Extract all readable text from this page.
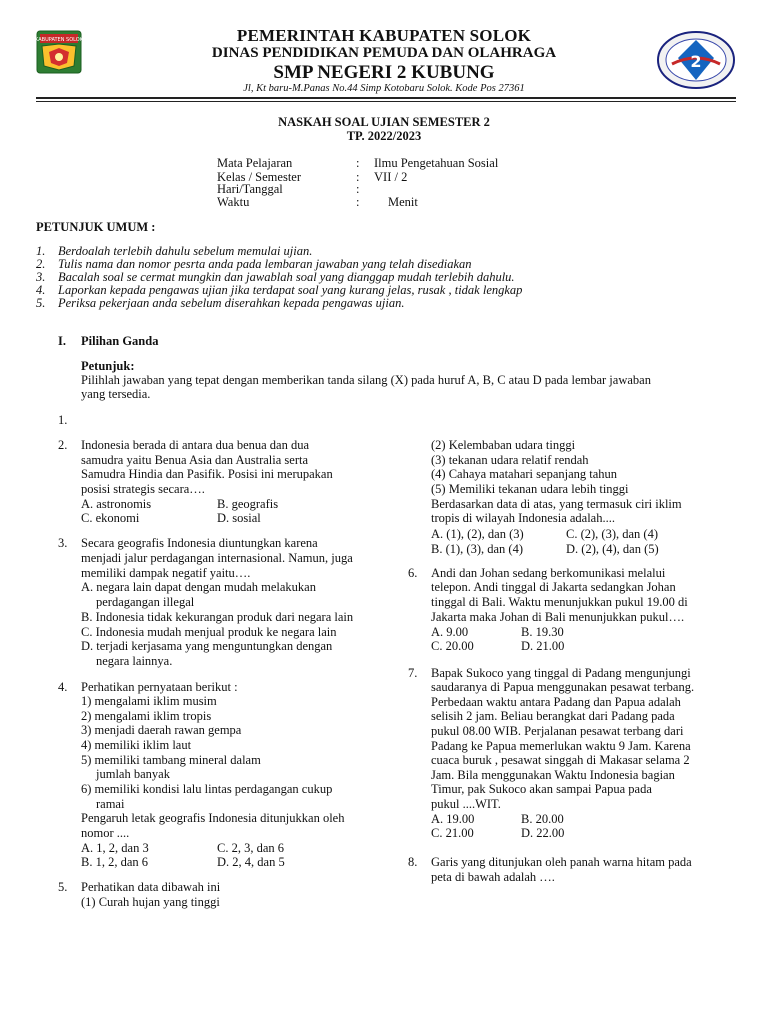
KABUPATEN SOLOK
2
PEMERINTAH KABUPATEN SOLOK
DINAS PENDIDIKAN PEMUDA DAN OLAHRAGA
SMP NEGERI 2 KUBUNG
Jl, Kt baru-M.Panas No.44 Simp Kotobaru Solok. Kode Pos 27361
NASKAH SOAL UJIAN SEMESTER 2
TP. 2022/2023
Mata Pelajaran	: Ilmu Pengetahuan Sosial
Kelas / Semester	: VII / 2
Hari/Tanggal	:
Waktu	: Menit
PETUNJUK UMUM :
1. Berdoalah terlebih dahulu sebelum memulai ujian.
2. Tulis nama dan nomor pesrta anda pada lembaran jawaban yang telah disediakan
3. Bacalah soal se cermat mungkin dan jawablah soal yang dianggap mudah terlebih dahulu.
4. Laporkan kepada pengawas ujian jika terdapat soal yang kurang jelas, rusak , tidak lengkap
5. Periksa pekerjaan anda sebelum diserahkan kepada pengawas ujian.
I. Pilihan Ganda
Petunjuk:
Pilihlah jawaban yang tepat dengan memberikan tanda silang (X) pada huruf A, B, C atau D pada lembar jawaban
yang tersedia.
1.
2. Indonesia berada di antara dua benua dan dua
samudra yaitu Benua Asia dan Australia serta
Samudra Hindia dan Pasifik. Posisi ini merupakan
posisi strategis secara….
A. astronomis	B. geografis
C. ekonomi	D. sosial
3. Secara geografis Indonesia diuntungkan karena
menjadi jalur perdagangan internasional. Namun, juga
memiliki dampak negatif yaitu….
A. negara lain dapat dengan mudah melakukan
perdagangan illegal
B. Indonesia tidak kekurangan produk dari negara lain
C. Indonesia mudah menjual produk ke negara lain
D. terjadi kerjasama yang menguntungkan dengan
negara lainnya.
4. Perhatikan pernyataan berikut :
1) mengalami iklim musim
2) mengalami iklim tropis
3) menjadi daerah rawan gempa
4) memiliki iklim laut
5) memiliki tambang mineral dalam
jumlah banyak
6) memiliki kondisi lalu lintas perdagangan cukup
ramai
Pengaruh letak geografis Indonesia ditunjukkan oleh
nomor ....
A. 1, 2, dan 3	C. 2, 3, dan 6
B. 1, 2, dan 6	D. 2, 4, dan 5
5. Perhatikan data dibawah ini
(1) Curah hujan yang tinggi
(2) Kelembaban udara tinggi
(3) tekanan udara relatif rendah
(4) Cahaya matahari sepanjang tahun
(5) Memiliki tekanan udara lebih tinggi
Berdasarkan data di atas, yang termasuk ciri iklim
tropis di wilayah Indonesia adalah....
A. (1), (2), dan (3)	C. (2), (3), dan (4)
B. (1), (3), dan (4)	D. (2), (4), dan (5)
6. Andi dan Johan sedang berkomunikasi melalui
telepon. Andi tinggal di Jakarta sedangkan Johan
tinggal di Bali. Waktu menunjukkan pukul 19.00 di
Jakarta maka Johan di Bali menunjukkan pukul….
A. 9.00	B. 19.30
C. 20.00	D. 21.00
7. Bapak Sukoco yang tinggal di Padang mengunjungi
saudaranya di Papua menggunakan pesawat terbang.
Perbedaan waktu antara Padang dan Papua adalah
selisih 2 jam. Beliau berangkat dari Padang pada
pukul 08.00 WIB. Perjalanan pesawat terbang dari
Padang ke Papua memerlukan waktu 9 Jam. Karena
cuaca buruk , pesawat singgah di Makasar selama 2
Jam. Bila menggunakan Waktu Indonesia bagian
Timur, pak Sukoco akan sampai Papua pada
pukul ....WIT.
A. 19.00	B. 20.00
C. 21.00	D. 22.00
8. Garis yang ditunjukan oleh panah warna hitam pada
peta di bawah adalah ….
